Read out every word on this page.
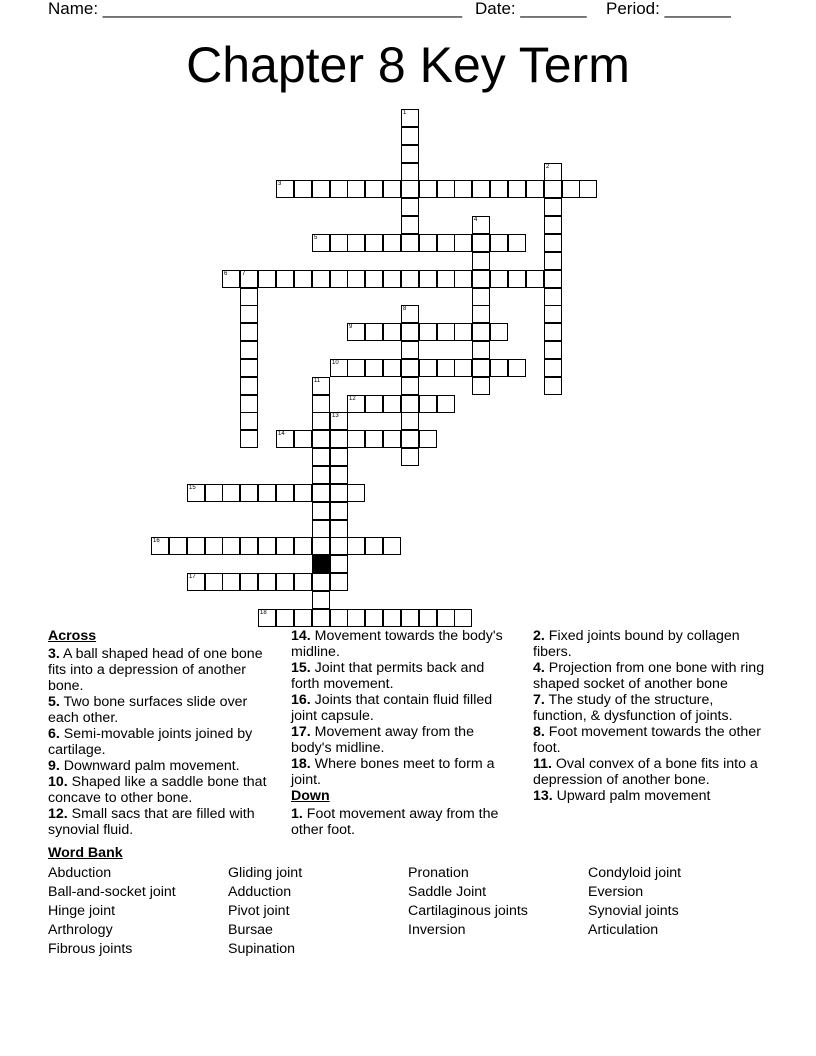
Name: ______________________________________ Date: _______ Period: _______
Chapter 8 Key Term
1
2
3
4
5
6 7
8
9
10
11
12
13
14
15
16
17
18
Across
3. A ball shaped head of one bone fits into a depression of another bone.
5. Two bone surfaces slide over each other.
6. Semi-movable joints joined by cartilage.
9. Downward palm movement.
10. Shaped like a saddle bone that concave to other bone.
12. Small sacs that are filled with synovial fluid.
14. Movement towards the body's midline.
15. Joint that permits back and forth movement.
16. Joints that contain fluid filled joint capsule.
17. Movement away from the body's midline.
18. Where bones meet to form a joint.
Down
1. Foot movement away from the other foot.
2. Fixed joints bound by collagen fibers.
4. Projection from one bone with ring shaped socket of another bone
7. The study of the structure, function, & dysfunction of joints.
8. Foot movement towards the other foot.
11. Oval convex of a bone fits into a depression of another bone.
13. Upward palm movement
Word Bank
Abduction
Ball-and-socket joint
Hinge joint
Arthrology
Fibrous joints
Gliding joint
Adduction
Pivot joint
Bursae
Supination
Pronation
Saddle Joint
Cartilaginous joints
Inversion
Condyloid joint
Eversion
Synovial joints
Articulation
